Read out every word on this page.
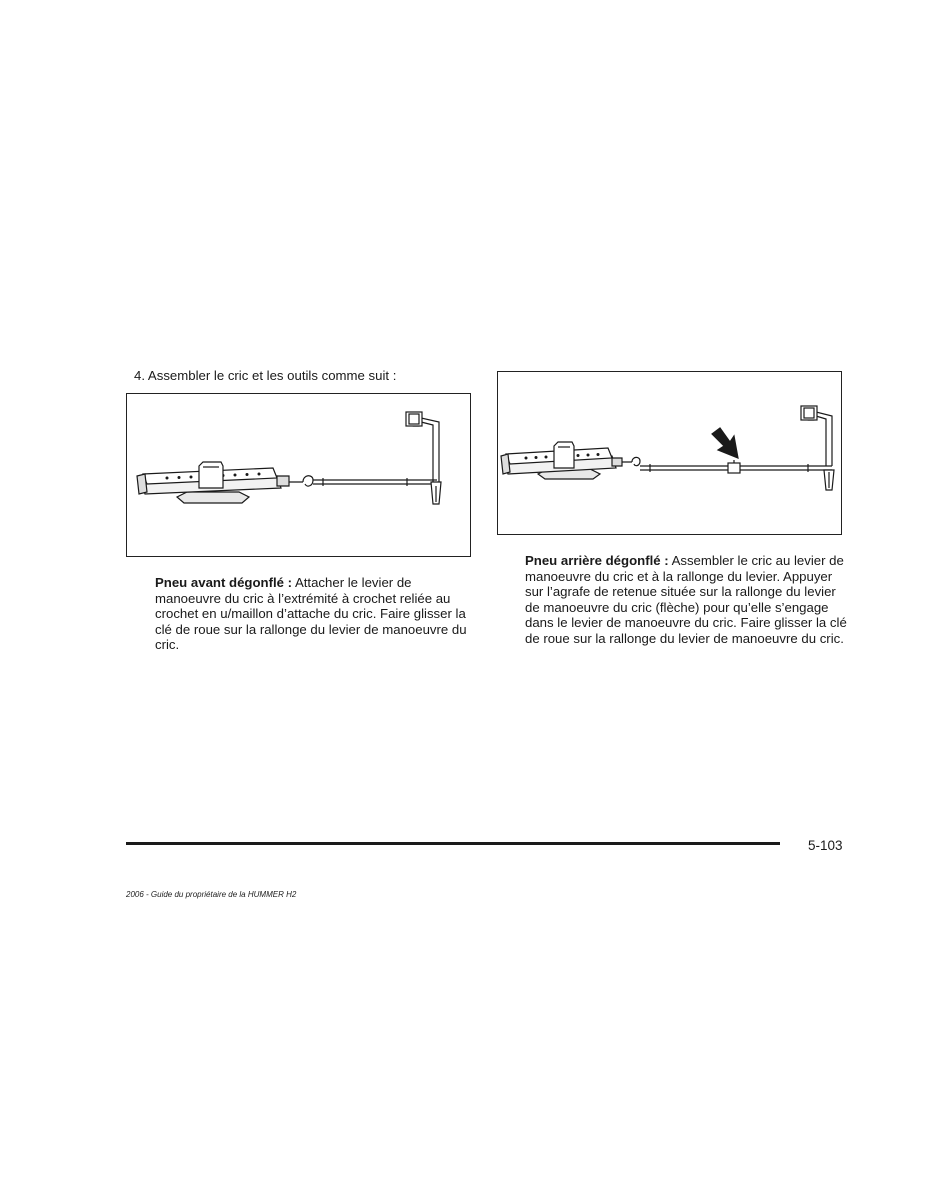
4. Assembler le cric et les outils comme suit :
Pneu avant dégonflé : Attacher le levier de manoeuvre du cric à l’extrémité à crochet reliée au crochet en u/maillon d’attache du cric. Faire glisser la clé de roue sur la rallonge du levier de manoeuvre du cric.
Pneu arrière dégonflé : Assembler le cric au levier de manoeuvre du cric et à la rallonge du levier. Appuyer sur l’agrafe de retenue située sur la rallonge du levier de manoeuvre du cric (flèche) pour qu’elle s’engage dans le levier de manoeuvre du cric. Faire glisser la clé de roue sur la rallonge du levier de manoeuvre du cric.
5-103
2006 - Guide du propriétaire de la HUMMER H2
